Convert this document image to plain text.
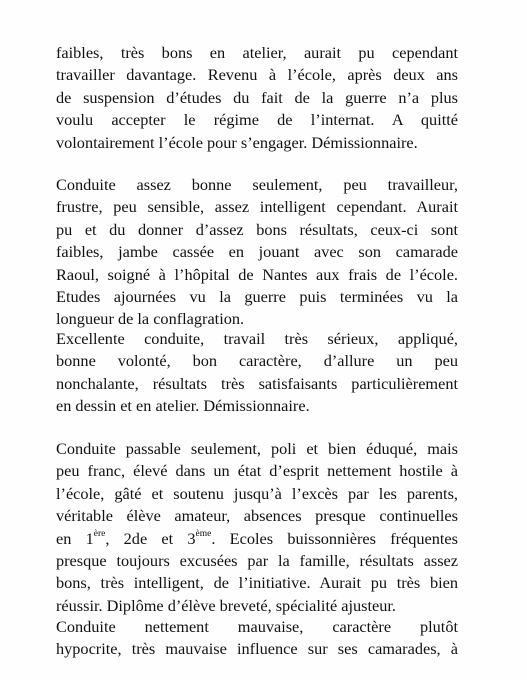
faibles, très bons en atelier, aurait pu cependant
travailler davantage. Revenu à l’école, après deux ans
de suspension d’études du fait de la guerre n’a plus
voulu accepter le régime de l’internat. A quitté
volontairement l’école pour s’engager. Démissionnaire.

Conduite assez bonne seulement, peu travailleur,
frustre, peu sensible, assez intelligent cependant. Aurait
pu et du donner d’assez bons résultats, ceux-ci sont
faibles, jambe cassée en jouant avec son camarade
Raoul, soigné à l’hôpital de Nantes aux frais de l’école.
Etudes ajournées vu la guerre puis terminées vu la
longueur de la conflagration.

Excellente conduite, travail très sérieux, appliqué,
bonne volonté, bon caractère, d’allure un peu
nonchalante, résultats très satisfaisants particulièrement
en dessin et en atelier. Démissionnaire.

Conduite passable seulement, poli et bien éduqué, mais
peu franc, élevé dans un état d’esprit nettement hostile à
l’école, gâté et soutenu jusqu’à l’excès par les parents,
véritable élève amateur, absences presque continuelles
en 1ère, 2de et 3ème. Ecoles buissonnières fréquentes
presque toujours excusées par la famille, résultats assez
bons, très intelligent, de l’initiative. Aurait pu très bien
réussir. Diplôme d’élève breveté, spécialité ajusteur.

Conduite nettement mauvaise, caractère plutôt
hypocrite, très mauvaise influence sur ses camarades, à
